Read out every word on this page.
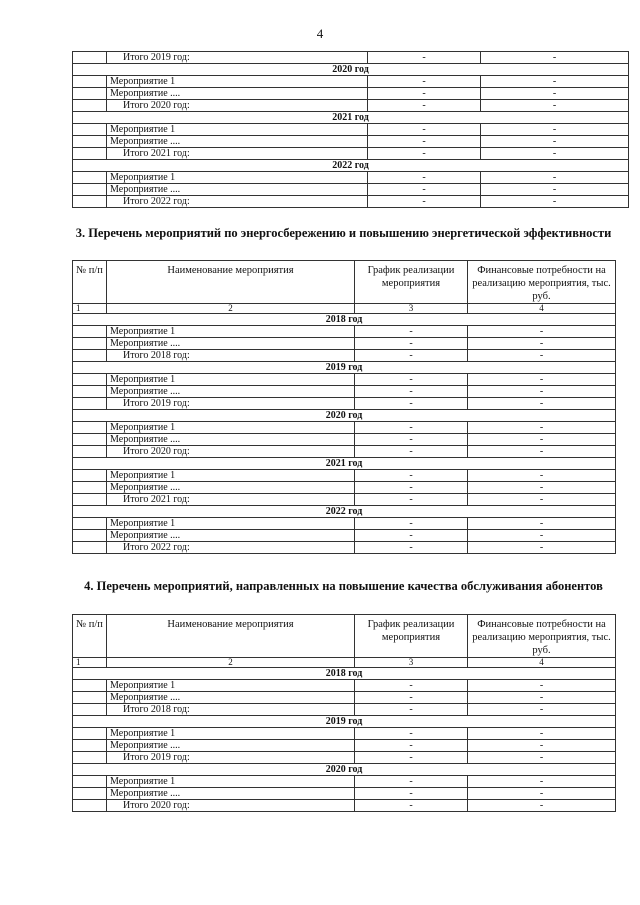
4
	Итого 2019 год:	-	-
2020 год			
	Мероприятие 1	-	-
	Мероприятие ....	-	-
	Итого 2020 год:	-	-
2021 год			
	Мероприятие 1	-	-
	Мероприятие ....	-	-
	Итого 2021 год:	-	-
2022 год			
	Мероприятие 1	-	-
	Мероприятие ....	-	-
	Итого 2022 год:	-	-
3. Перечень мероприятий по энергосбережению и повышению энергетической эффективности
№ п/п	Наименование мероприятия	График реализации мероприятия	Финансовые потребности на реализацию мероприятия, тыс. руб.
1	2	3	4
2018 год			
	Мероприятие 1	-	-
	Мероприятие ....	-	-
	Итого 2018 год:	-	-
2019 год			
	Мероприятие 1	-	-
	Мероприятие ....	-	-
	Итого 2019 год:	-	-
2020 год			
	Мероприятие 1	-	-
	Мероприятие ....	-	-
	Итого 2020 год:	-	-
2021 год			
	Мероприятие 1	-	-
	Мероприятие ....	-	-
	Итого 2021 год:	-	-
2022 год			
	Мероприятие 1	-	-
	Мероприятие ....	-	-
	Итого 2022 год:	-	-
4. Перечень мероприятий, направленных на повышение качества обслуживания абонентов
№ п/п	Наименование мероприятия	График реализации мероприятия	Финансовые потребности на реализацию мероприятия, тыс. руб.
1	2	3	4
2018 год			
	Мероприятие 1	-	-
	Мероприятие ....	-	-
	Итого 2018 год:	-	-
2019 год			
	Мероприятие 1	-	-
	Мероприятие ....	-	-
	Итого 2019 год:	-	-
2020 год			
	Мероприятие 1	-	-
	Мероприятие ....	-	-
	Итого 2020 год:	-	-
